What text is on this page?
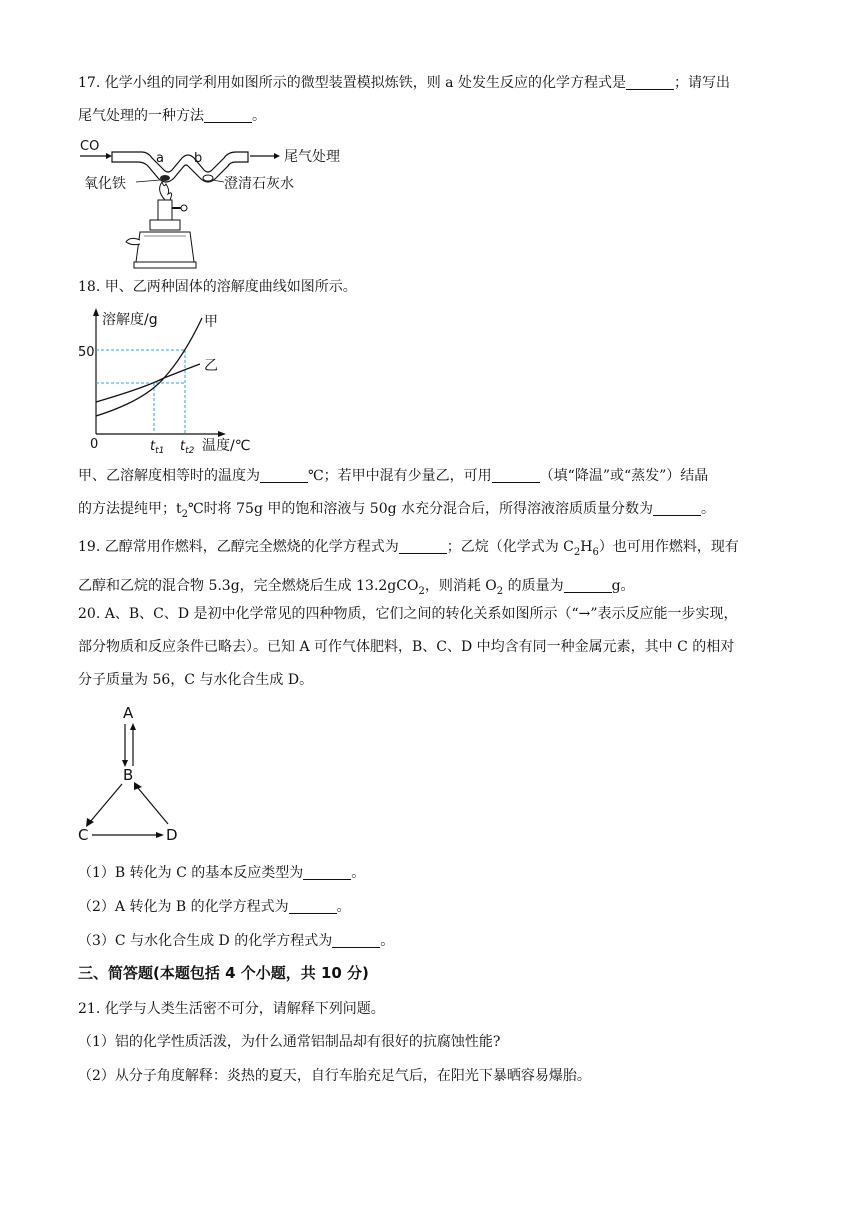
17. 化学小组的同学利用如图所示的微型装置模拟炼铁，则 a 处发生反应的化学方程式是	；请写出
尾气处理的一种方法	。
CO
a b	尾气处理
氧化铁	澄清石灰水
18. 甲、乙两种固体的溶解度曲线如图所示。
溶解度/g
温度/℃
0
50
$t_{t1}$ $t_{t2}$
甲
乙
甲、乙溶解度相等时的温度为	℃；若甲中混有少量乙，可用	（填“降温”或“蒸发”）结晶
的方法提纯甲；$t_2℃$时将 75g 甲的饱和溶液与 50g 水充分混合后，所得溶液溶质质量分数为	。
19. 乙醇常用作燃料，乙醇完全燃烧的化学方程式为	；乙烷（化学式为 $C_2H_6$）也可用作燃料，现有
乙醇和乙烷的混合物 5.3g，完全燃烧后生成 13.2gCO$_2$，则消耗 $O_2$ 的质量为	g。
20. A、B、C、D 是初中化学常见的四种物质，它们之间的转化关系如图所示（“→”表示反应能一步实现，
部分物质和反应条件已略去）。已知 A 可作气体肥料，B、C、D 中均含有同一种金属元素，其中 C 的相对
分子质量为 56，C 与水化合生成 D。
A
B
C	D
（1）B 转化为 C 的基本反应类型为	。
（2）A 转化为 B 的化学方程式为	。
（3）C 与水化合生成 D 的化学方程式为	。
三、简答题(本题包括 4 个小题，共 10 分)
21. 化学与人类生活密不可分，请解释下列问题。
（1）铝的化学性质活泼，为什么通常铝制品却有很好的抗腐蚀性能?
（2）从分子角度解释：炎热的夏天，自行车胎充足气后，在阳光下暴晒容易爆胎。
